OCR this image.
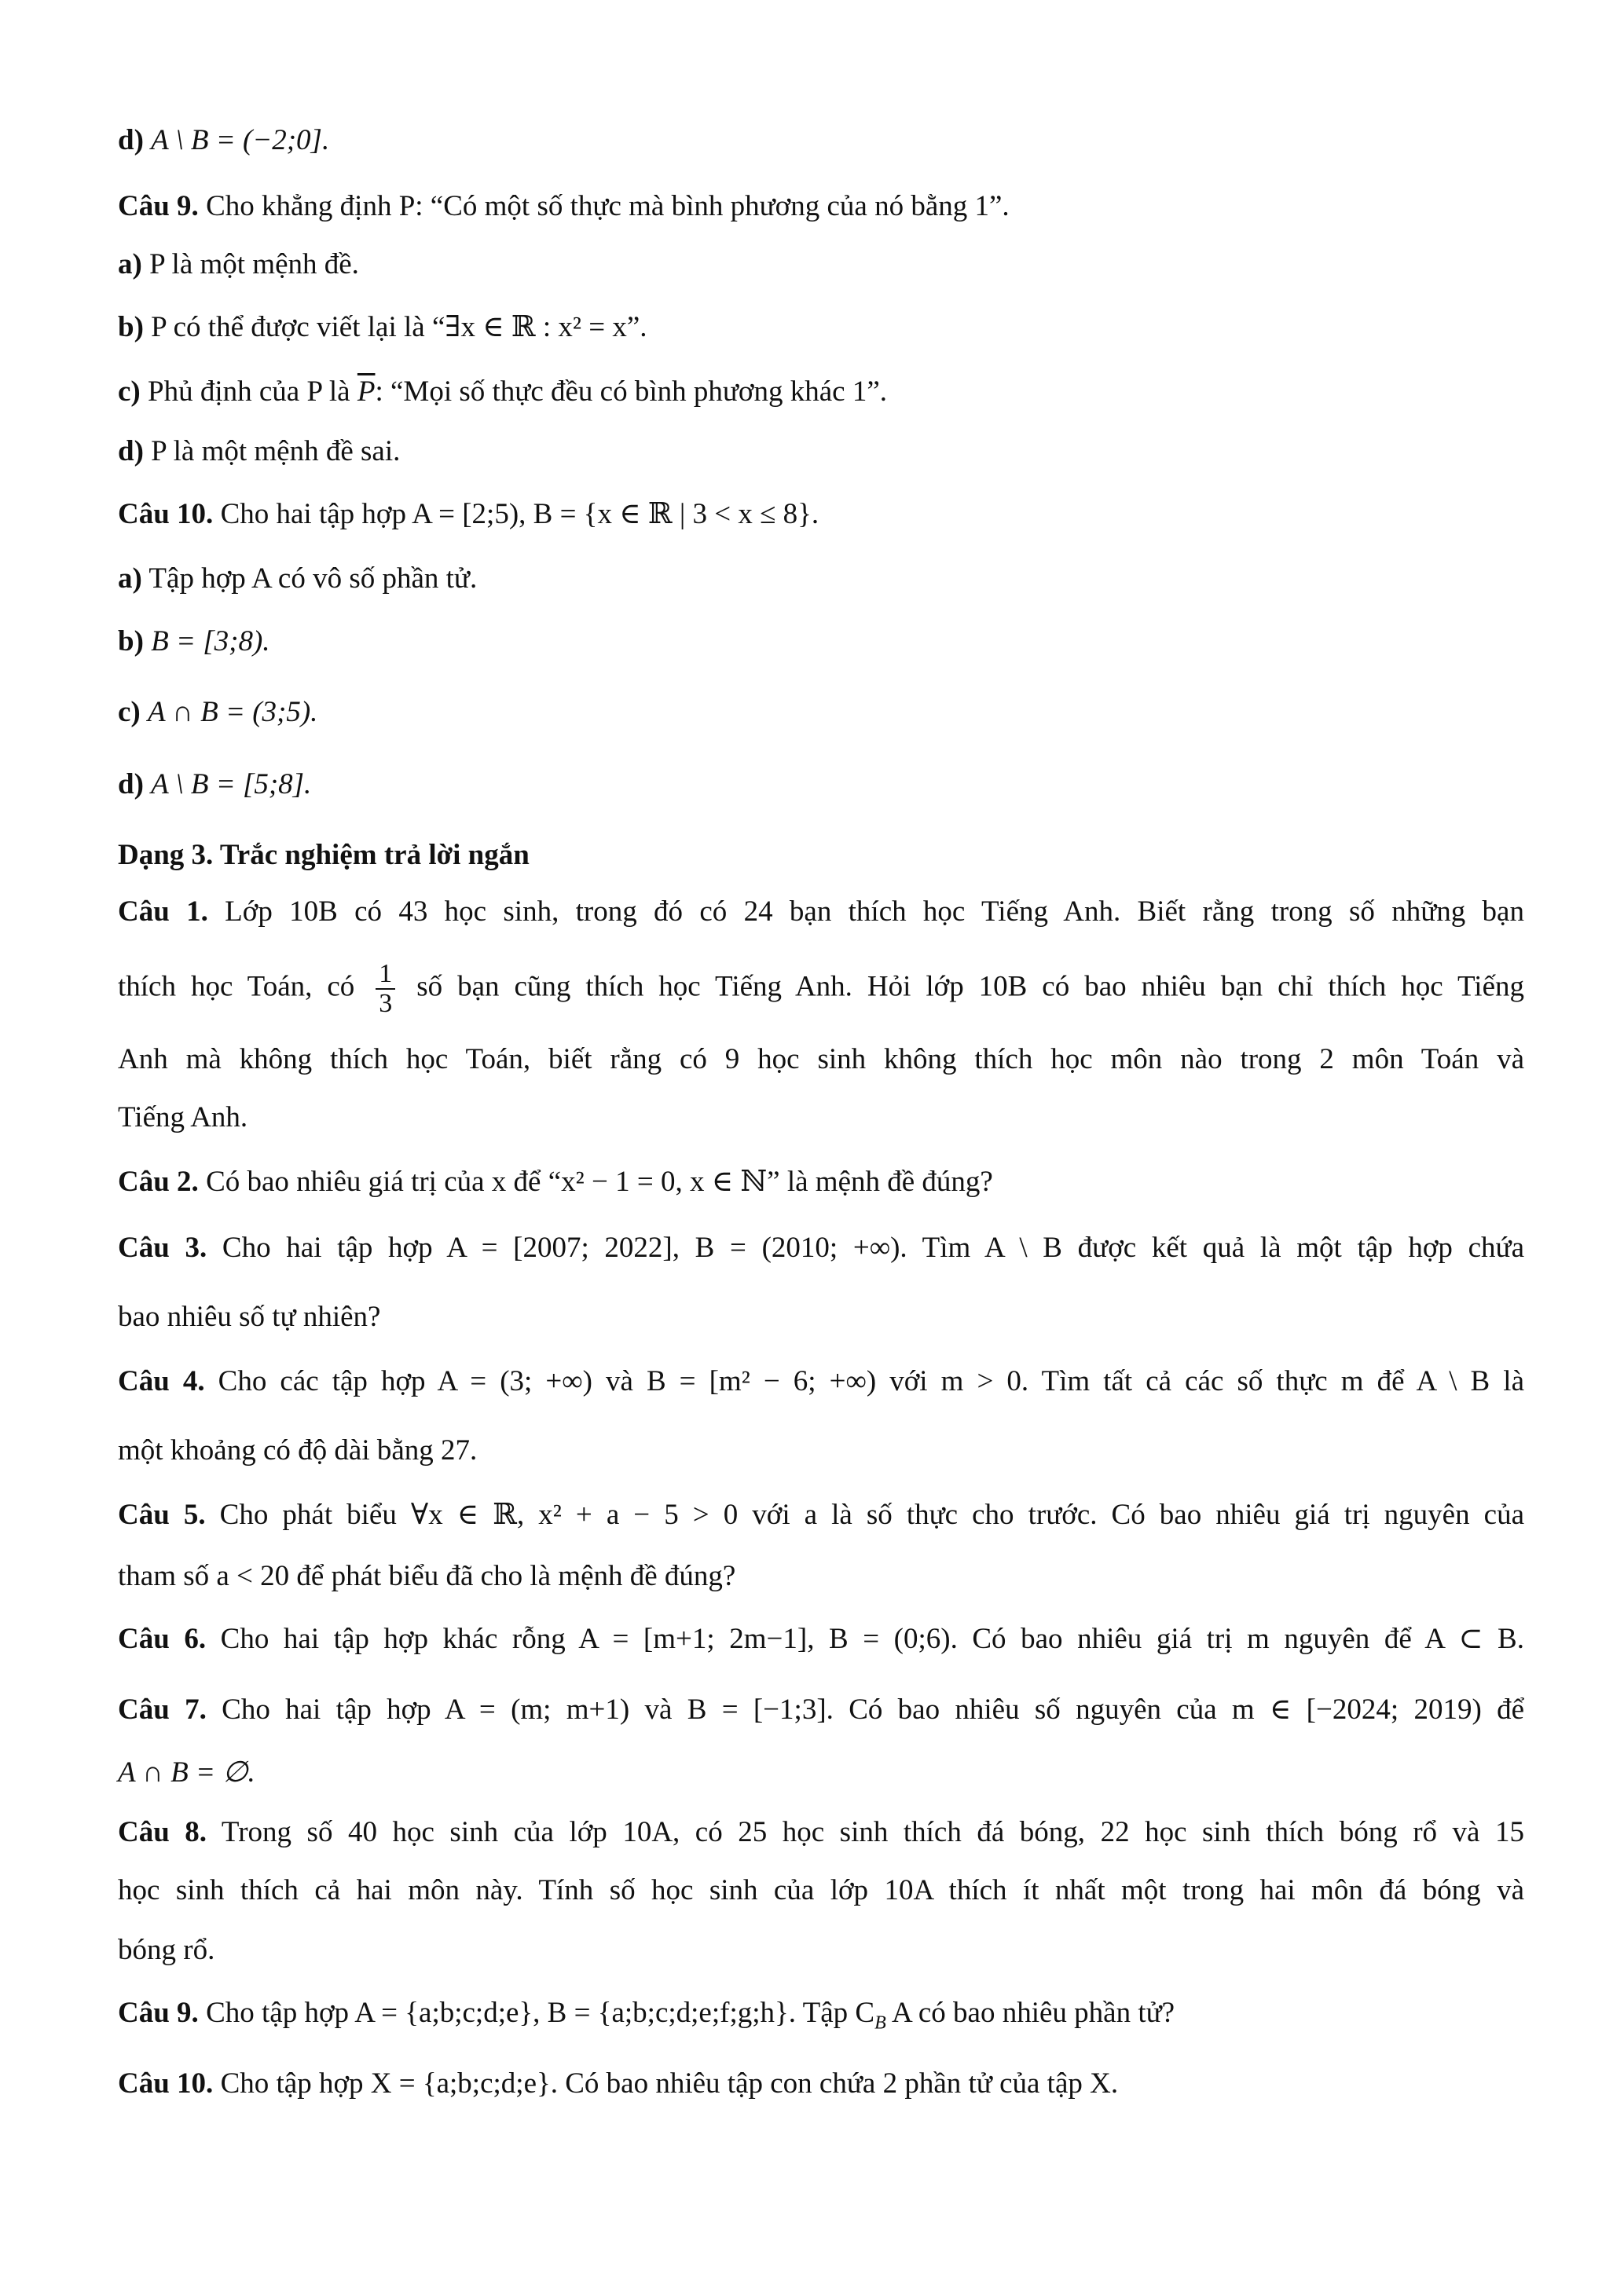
d) A \ B = (−2;0].
Câu 9. Cho khẳng định P: “Có một số thực mà bình phương của nó bằng 1”.
a) P là một mệnh đề.
b) P có thể được viết lại là “∃x ∈ ℝ : x² = x”.
c) Phủ định của P là $\overline{P}$: “Mọi số thực đều có bình phương khác 1”.
d) P là một mệnh đề sai.
Câu 10. Cho hai tập hợp A = [2;5), B = {x ∈ ℝ | 3 < x ≤ 8}.
a) Tập hợp A có vô số phần tử.
b) B = [3;8).
c) A ∩ B = (3;5).
d) A \ B = [5;8].
Dạng 3. Trắc nghiệm trả lời ngắn
Câu 1. Lớp 10B có 43 học sinh, trong đó có 24 bạn thích học Tiếng Anh. Biết rằng trong số những bạn
thích học Toán, có $\frac{1}{3}$ số bạn cũng thích học Tiếng Anh. Hỏi lớp 10B có bao nhiêu bạn chỉ thích học Tiếng
Anh mà không thích học Toán, biết rằng có 9 học sinh không thích học môn nào trong 2 môn Toán và
Tiếng Anh.
Câu 2. Có bao nhiêu giá trị của x để “x² − 1 = 0, x ∈ ℕ” là mệnh đề đúng?
Câu 3. Cho hai tập hợp A = [2007; 2022], B = (2010; +∞). Tìm A \ B được kết quả là một tập hợp chứa
bao nhiêu số tự nhiên?
Câu 4. Cho các tập hợp A = (3; +∞) và B = [m² − 6; +∞) với m > 0. Tìm tất cả các số thực m để A \ B là
một khoảng có độ dài bằng 27.
Câu 5. Cho phát biểu ∀x ∈ ℝ, x² + a − 5 > 0 với a là số thực cho trước. Có bao nhiêu giá trị nguyên của
tham số a < 20 để phát biểu đã cho là mệnh đề đúng?
Câu 6. Cho hai tập hợp khác rỗng A = [m+1; 2m−1], B = (0;6). Có bao nhiêu giá trị m nguyên để A ⊂ B.
Câu 7. Cho hai tập hợp A = (m; m+1) và B = [−1;3]. Có bao nhiêu số nguyên của m ∈ [−2024; 2019) để
A ∩ B = ∅.
Câu 8. Trong số 40 học sinh của lớp 10A, có 25 học sinh thích đá bóng, 22 học sinh thích bóng rổ và 15
học sinh thích cả hai môn này. Tính số học sinh của lớp 10A thích ít nhất một trong hai môn đá bóng và
bóng rổ.
Câu 9. Cho tập hợp A = {a;b;c;d;e}, B = {a;b;c;d;e;f;g;h}. Tập $C_B$ A có bao nhiêu phần tử?
Câu 10. Cho tập hợp X = {a;b;c;d;e}. Có bao nhiêu tập con chứa 2 phần tử của tập X.
